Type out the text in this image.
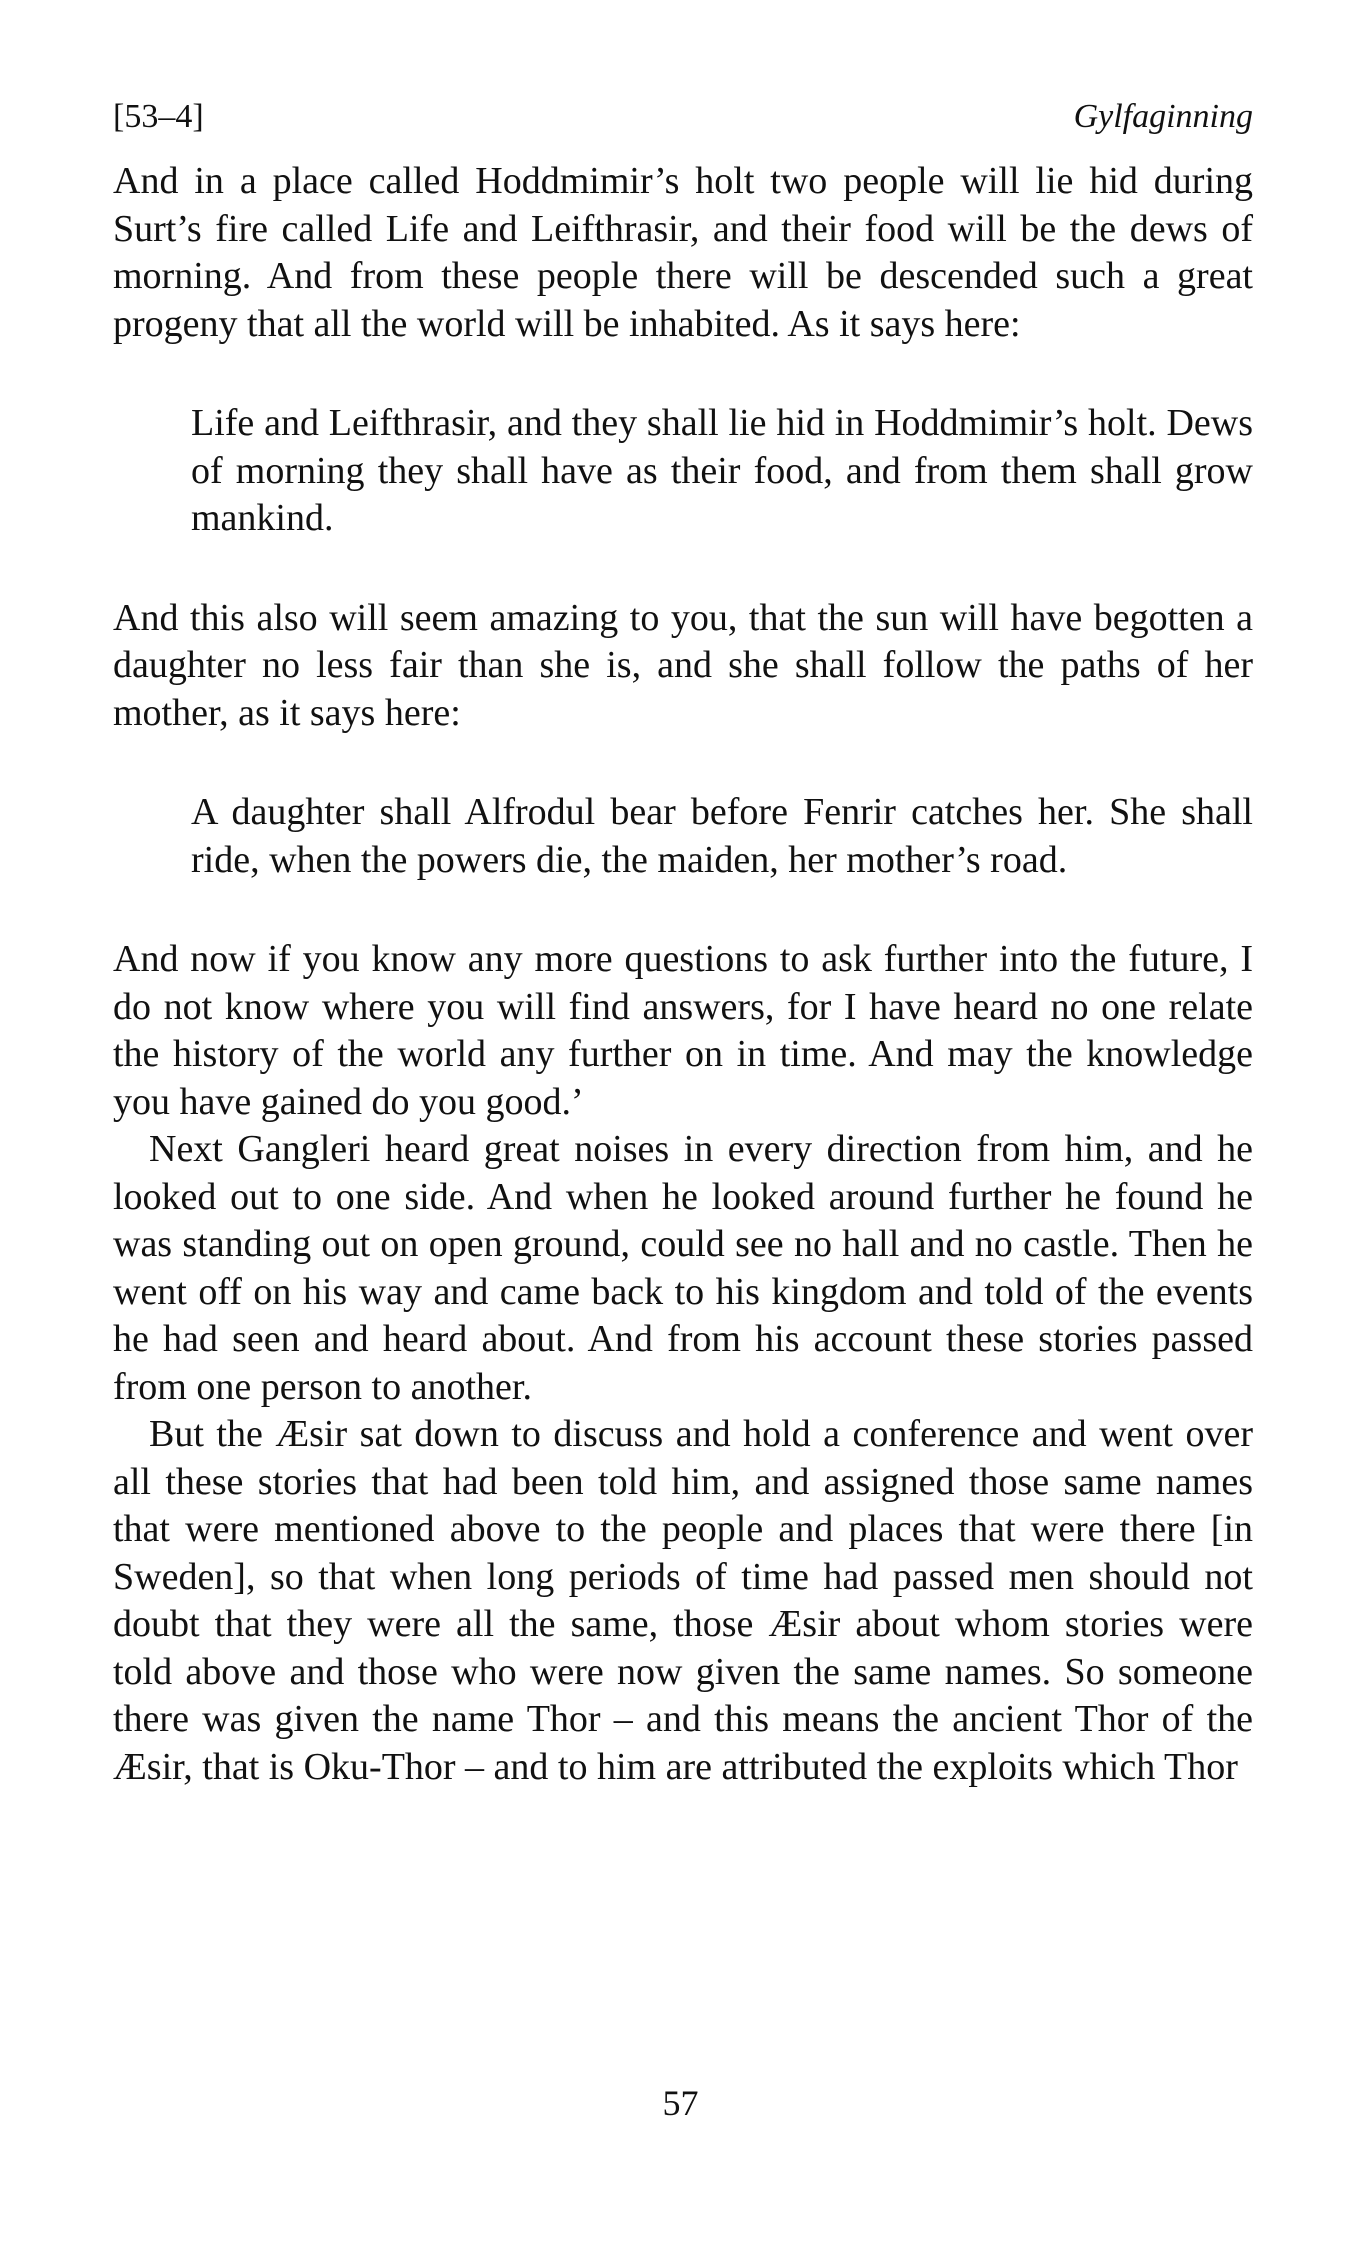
[53–4]	Gylfaginning

And in a place called Hoddmimir’s holt two people will lie hid during Surt’s fire called Life and Leifthrasir, and their food will be the dews of morning. And from these people there will be descended such a great progeny that all the world will be inhabited. As it says here:

Life and Leifthrasir, and they shall lie hid in Hoddmimir’s holt. Dews of morning they shall have as their food, and from them shall grow mankind.

And this also will seem amazing to you, that the sun will have begotten a daughter no less fair than she is, and she shall follow the paths of her mother, as it says here:

A daughter shall Alfrodul bear before Fenrir catches her. She shall ride, when the powers die, the maiden, her mother’s road.

And now if you know any more questions to ask further into the future, I do not know where you will find answers, for I have heard no one relate the history of the world any further on in time. And may the knowledge you have gained do you good.’

Next Gangleri heard great noises in every direction from him, and he looked out to one side. And when he looked around further he found he was standing out on open ground, could see no hall and no castle. Then he went off on his way and came back to his kingdom and told of the events he had seen and heard about. And from his account these stories passed from one person to another.

But the Æsir sat down to discuss and hold a conference and went over all these stories that had been told him, and assigned those same names that were mentioned above to the people and places that were there [in Sweden], so that when long periods of time had passed men should not doubt that they were all the same, those Æsir about whom stories were told above and those who were now given the same names. So someone there was given the name Thor – and this means the ancient Thor of the Æsir, that is Oku-Thor – and to him are attributed the exploits which Thor

57
